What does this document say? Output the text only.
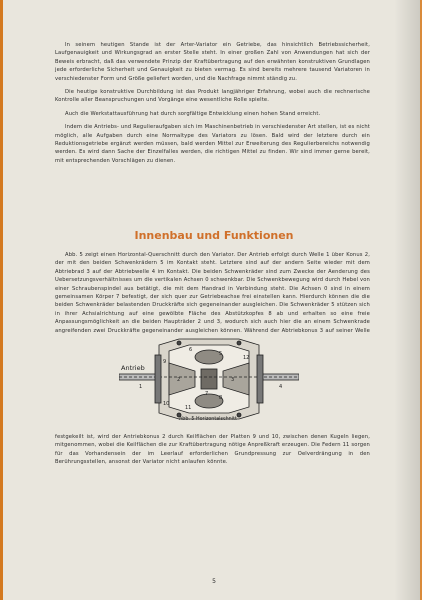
In seinem heutigen Stande ist der Arter-Variator ein Getriebe, das hinsichtlich Betriebssicherheit, Laufgenauigkeit und Wirkungsgrad an erster Stelle steht. In einer großen Zahl von Anwendungen hat sich der Beweis erbracht, daß das verwendete Prinzip der Kraftübertragung auf den erwähnten konstruktiven Grundlagen jede erforderliche Sicherheit und Genauigkeit zu bieten vermag. Es sind bereits mehrere tausend Variatoren in verschiedenster Form und Größe geliefert worden, und die Nachfrage nimmt ständig zu.

Die heutige konstruktive Durchbildung ist das Produkt langjähriger Erfahrung, wobei auch die rechnerische Kontrolle aller Beanspruchungen und Vorgänge eine wesentliche Rolle spielte.

Auch die Werkstattausführung hat durch sorgfältige Entwicklung einen hohen Stand erreicht.

Indem die Antriebs- und Regulieraufgaben sich im Maschinenbetrieb in verschiedenster Art stellen, ist es nicht möglich, alle Aufgaben durch eine Normaltype des Variators zu lösen. Bald wird der letztere durch ein Reduktionsgetriebe ergänzt werden müssen, bald werden Mittel zur Erweiterung des Regulierbereichs notwendig werden. Es wird dann Sache der Einzelfalles werden, die richtigen Mittel zu finden. Wir sind immer gerne bereit, mit entsprechenden Vorschlägen zu dienen.

Innenbau und Funktionen

Abb. 5 zeigt einen Horizontal-Querschnitt durch den Variator. Der Antrieb erfolgt durch Welle 1 über Konus 2, der mit den beiden Schwenkrädern 5 im Kontakt steht. Letztere sind auf der andern Seite wieder mit dem Abtriebrad 3 auf der Abtriebwelle 4 im Kontakt. Die beiden Schwenkräder sind zum Zwecke der Aenderung des Uebersetzungsverhältnisses um die vertikalen Achsen 0 schwenkbar. Die Schwenkbewegung wird durch Hebel von einer Schraubenspindel aus betätigt, die mit dem Handrad in Verbindung steht. Die Achsen 0 sind in einem gemeinsamen Körper 7 befestigt, der sich quer zur Getriebeachse frei einstellen kann. Hierdurch können die die beiden Schwenkräder belastenden Druckkräfte sich gegeneinander ausgleichen. Die Schwenkräder 5 stützen sich in ihrer Achsialrichtung auf eine gewölbte Fläche des Abstützkopfes 8 ab und erhalten so eine freie Anpassungsmöglichkeit an die beiden Haupträder 2 und 3, wodurch sich auch hier die an einem Schwenkrade angreifenden zwei Druckkräfte gegeneinander ausgleichen können. Während der Abtriebkonus 3 auf seiner Welle

Antrieb
1
2	3
4
5
6
7
8
9
10
11
12
Abb. 5 Horizontalschnitt

festgekeilt ist, wird der Antriebkonus 2 durch Keilflächen der Platten 9 und 10, zwischen denen Kugeln liegen, mitgenommen, wobei die Keilflächen die zur Kraftübertragung nötige Anpreßkraft erzeugen. Die Federn 11 sorgen für das Vorhandensein der im Leerlauf erforderlichen Grundpressung zur Oelverdrängung in den Berührungsstellen, ansonst der Variator nicht anlaufen könnte.

5
